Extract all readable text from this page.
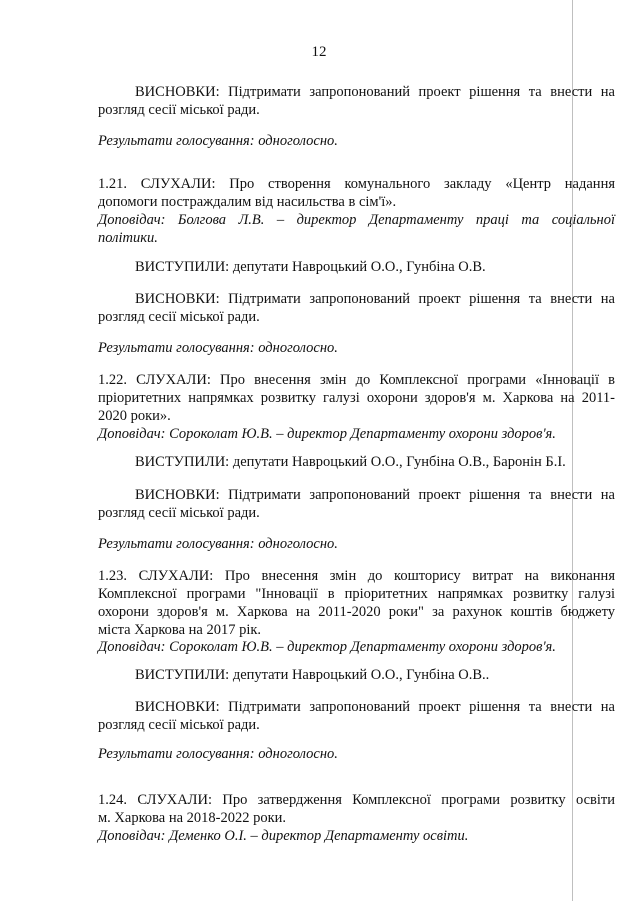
12
ВИСНОВКИ: Підтримати запропонований проект рішення та внести на
розгляд сесії міської ради.
Результати голосування: одноголосно.
1.21. СЛУХАЛИ: Про створення комунального закладу «Центр надання
допомоги постраждалим від насильства в сім'ї».
Доповідач: Болгова Л.В. – директор Департаменту праці та соціальної
політики.
ВИСТУПИЛИ: депутати Навроцький О.О., Гунбіна О.В.
ВИСНОВКИ: Підтримати запропонований проект рішення та внести на
розгляд сесії міської ради.
Результати голосування: одноголосно.
1.22. СЛУХАЛИ: Про внесення змін до Комплексної програми «Інновації в
пріоритетних напрямках розвитку галузі охорони здоров'я м. Харкова на 2011-
2020 роки».
Доповідач: Сороколат Ю.В. – директор Департаменту охорони здоров'я.
ВИСТУПИЛИ: депутати Навроцький О.О., Гунбіна О.В., Баронін Б.І.
ВИСНОВКИ: Підтримати запропонований проект рішення та внести на
розгляд сесії міської ради.
Результати голосування: одноголосно.
1.23. СЛУХАЛИ: Про внесення змін до кошторису витрат на виконання
Комплексної програми "Інновації в пріоритетних напрямках розвитку галузі
охорони здоров'я м. Харкова на 2011-2020 роки" за рахунок коштів бюджету
міста Харкова на 2017 рік.
Доповідач: Сороколат Ю.В. – директор Департаменту охорони здоров'я.
ВИСТУПИЛИ: депутати Навроцький О.О., Гунбіна О.В..
ВИСНОВКИ: Підтримати запропонований проект рішення та внести на
розгляд сесії міської ради.
Результати голосування: одноголосно.
1.24. СЛУХАЛИ: Про затвердження Комплексної програми розвитку освіти
м. Харкова на 2018-2022 роки.
Доповідач: Деменко О.І. – директор Департаменту освіти.
